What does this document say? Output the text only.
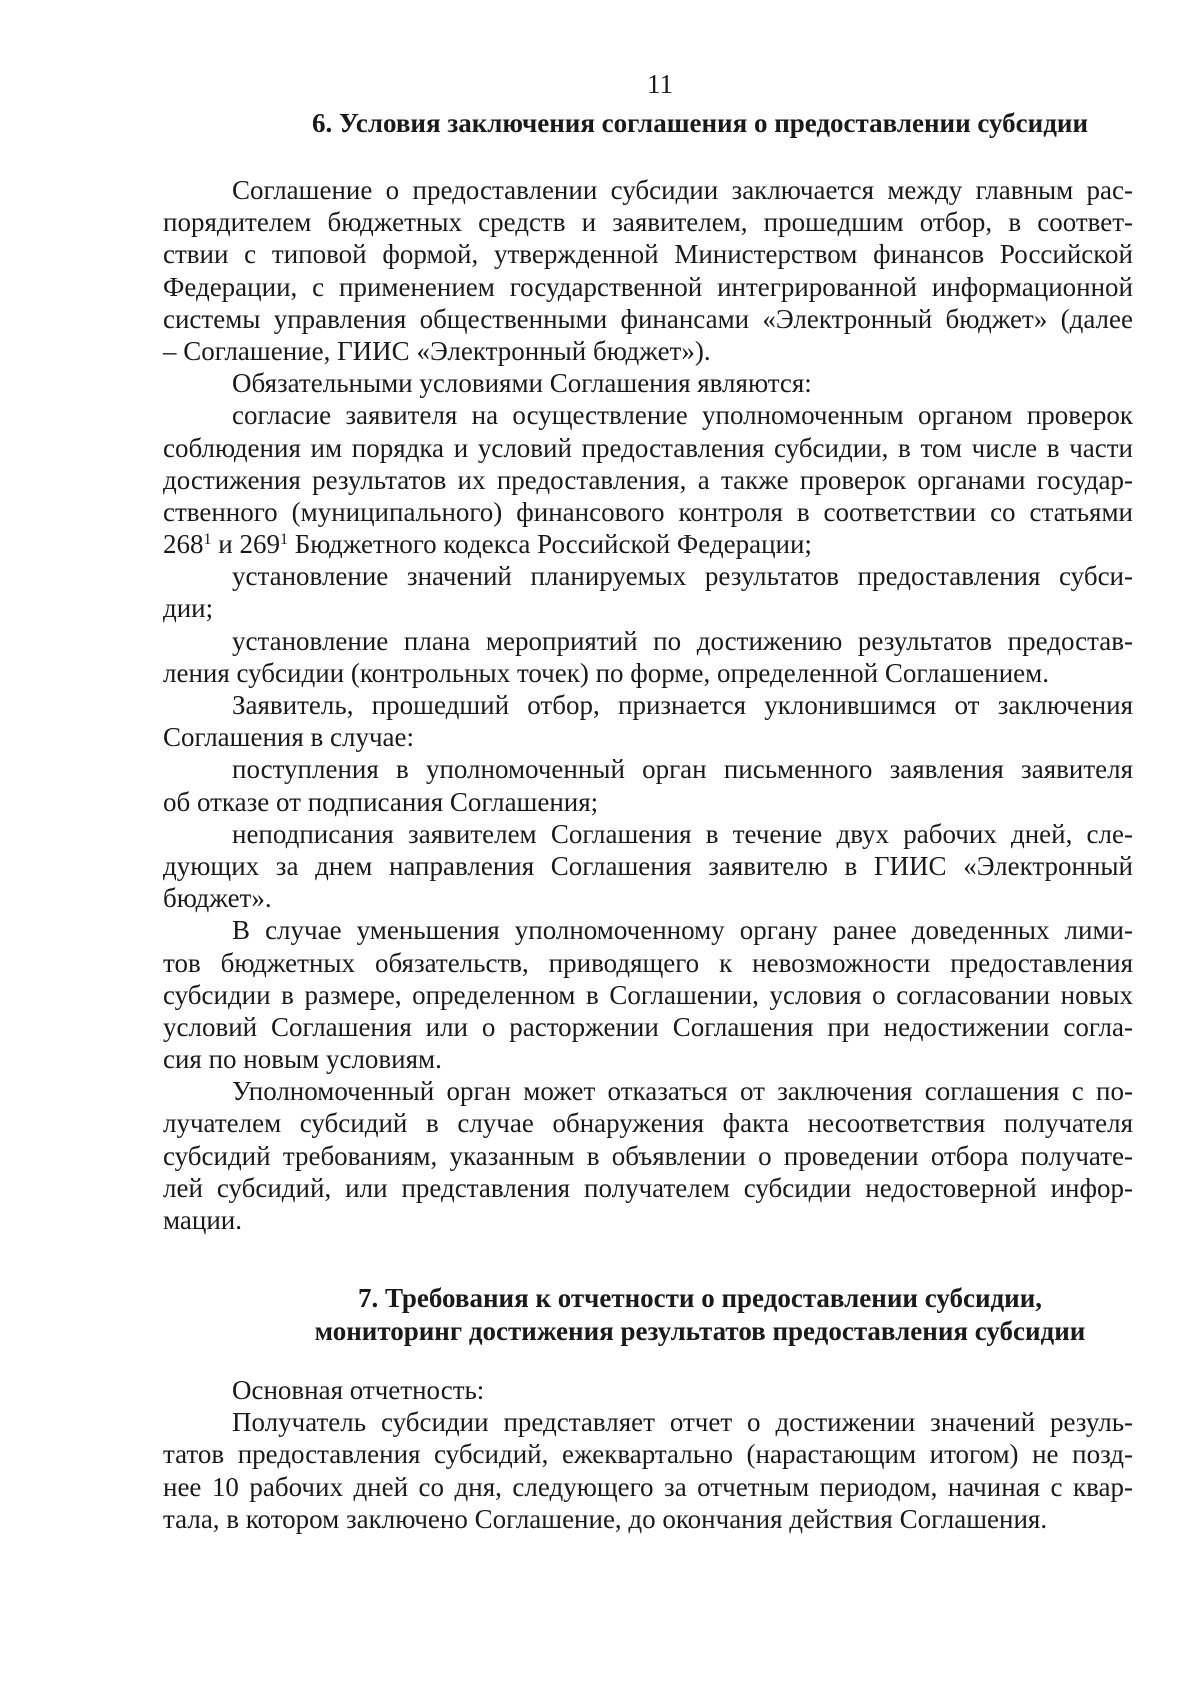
11
6. Условия заключения соглашения о предоставлении субсидии
Соглашение о предоставлении субсидии заключается между главным рас-
порядителем бюджетных средств и заявителем, прошедшим отбор, в соответ-
ствии с типовой формой, утвержденной Министерством финансов Российской
Федерации, с применением государственной интегрированной информационной
системы управления общественными финансами «Электронный бюджет» (далее
– Соглашение, ГИИС «Электронный бюджет»).
Обязательными условиями Соглашения являются:
согласие заявителя на осуществление уполномоченным органом проверок
соблюдения им порядка и условий предоставления субсидии, в том числе в части
достижения результатов их предоставления, а также проверок органами государ-
ственного (муниципального) финансового контроля в соответствии со статьями
$268^1$ и $269^1$ Бюджетного кодекса Российской Федерации;
установление значений планируемых результатов предоставления субси-
дии;
установление плана мероприятий по достижению результатов предостав-
ления субсидии (контрольных точек) по форме, определенной Соглашением.
Заявитель, прошедший отбор, признается уклонившимся от заключения
Соглашения в случае:
поступления в уполномоченный орган письменного заявления заявителя
об отказе от подписания Соглашения;
неподписания заявителем Соглашения в течение двух рабочих дней, сле-
дующих за днем направления Соглашения заявителю в ГИИС «Электронный
бюджет».
В случае уменьшения уполномоченному органу ранее доведенных лими-
тов бюджетных обязательств, приводящего к невозможности предоставления
субсидии в размере, определенном в Соглашении, условия о согласовании новых
условий Соглашения или о расторжении Соглашения при недостижении согла-
сия по новым условиям.
Уполномоченный орган может отказаться от заключения соглашения с по-
лучателем субсидий в случае обнаружения факта несоответствия получателя
субсидий требованиям, указанным в объявлении о проведении отбора получате-
лей субсидий, или представления получателем субсидии недостоверной инфор-
мации.
7. Требования к отчетности о предоставлении субсидии,
мониторинг достижения результатов предоставления субсидии
Основная отчетность:
Получатель субсидии представляет отчет о достижении значений резуль-
татов предоставления субсидий, ежеквартально (нарастающим итогом) не позд-
нее 10 рабочих дней со дня, следующего за отчетным периодом, начиная с квар-
тала, в котором заключено Соглашение, до окончания действия Соглашения.
